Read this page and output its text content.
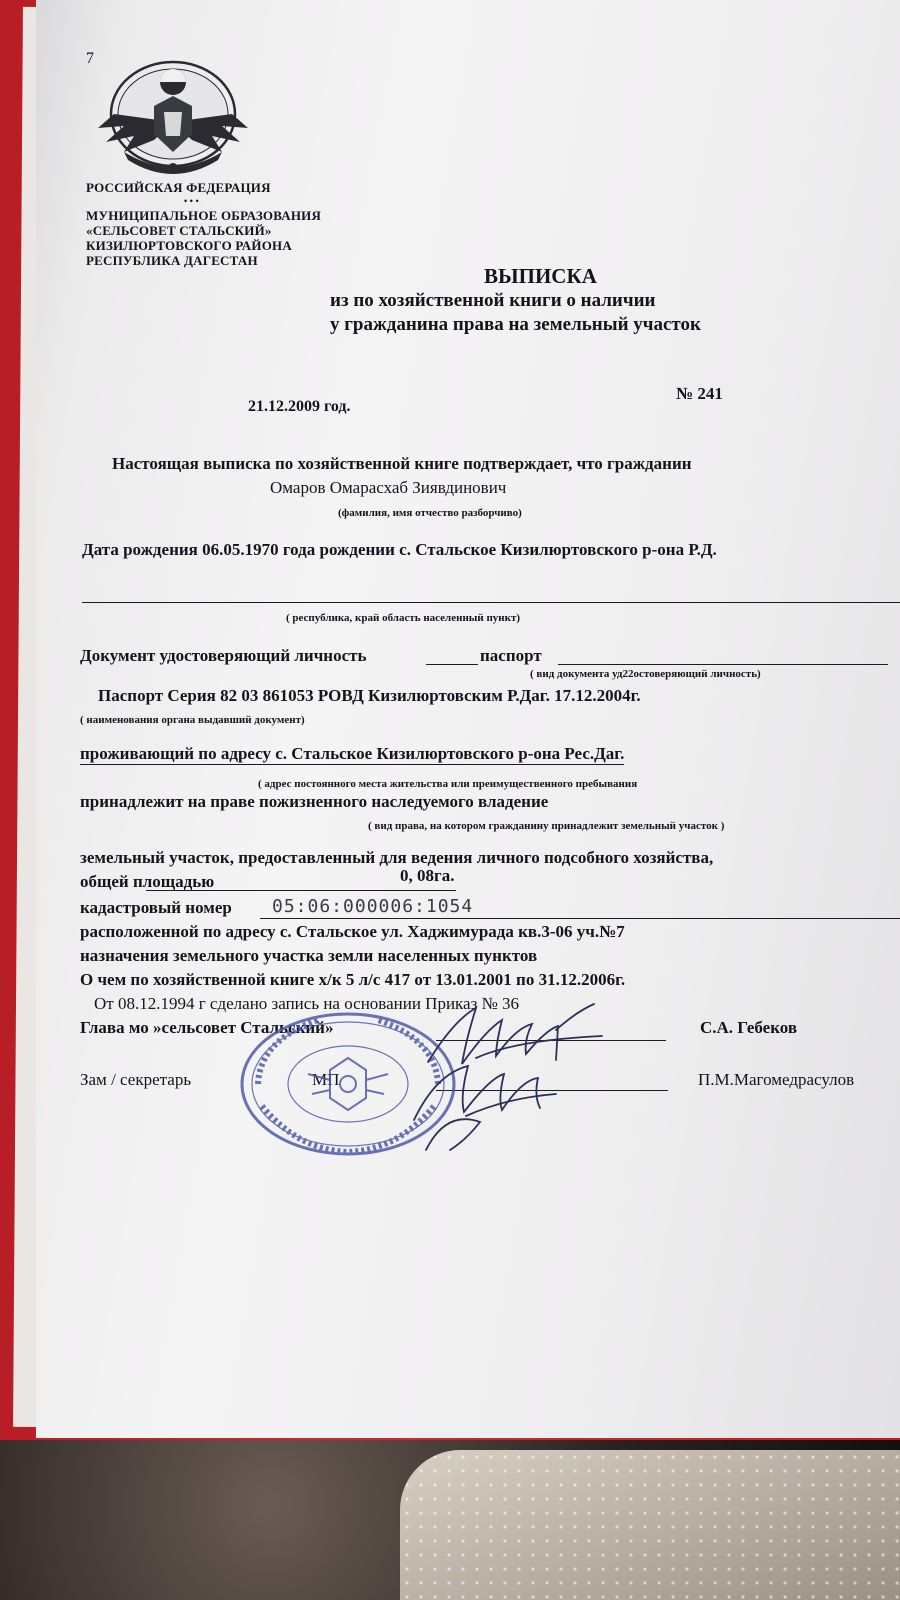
7
РОССИЙСКАЯ ФЕДЕРАЦИЯ
• • •
МУНИЦИПАЛЬНОЕ ОБРАЗОВАНИЯ
«СЕЛЬСОВЕТ СТАЛЬСКИЙ»
КИЗИЛЮРТОВСКОГО РАЙОНА
РЕСПУБЛИКА ДАГЕСТАН
ВЫПИСКА
из по хозяйственной книги о наличии
у гражданина права на земельный участок
21.12.2009 год.
№ 241
Настоящая выписка по хозяйственной книге подтверждает, что гражданин
Омаров Омарасхаб Зиявдинович
(фамилия, имя отчество разборчиво)
Дата рождения 06.05.1970 года рождении с. Стальское Кизилюртовского р-она Р.Д.
( республика, край область населенный пункт)
Документ удостоверяющий личность	паспорт
( вид документа уд22остоверяющий личность)
Паспорт Серия 82 03 861053 РОВД Кизилюртовским Р.Даг. 17.12.2004г.
( наименования органа выдавший документ)
проживающий по адресу с. Стальское Кизилюртовского р-она Рес.Даг.
( адрес постоянного места жительства или преимущественного пребывания
принадлежит на праве пожизненного наследуемого владение
( вид права, на котором гражданину принадлежит земельный участок )
земельный участок, предоставленный для ведения личного подсобного хозяйства,
общей площадью	0, 08га.
кадастровый номер 05:06:000006:1054
расположенной по адресу с. Стальское ул. Хаджимурада кв.3-06 уч.№7
назначения земельного участка земли населенных пунктов
О чем по хозяйственной книге х/к 5 л/с 417 от 13.01.2001 по 31.12.2006г.
От 08.12.1994 г сделано запись на основании Приказ № 36
Глава мо »сельсовет Стальский»	С.А. Гебеков
Зам / секретарь	МП	П.М.Магомедрасулов
